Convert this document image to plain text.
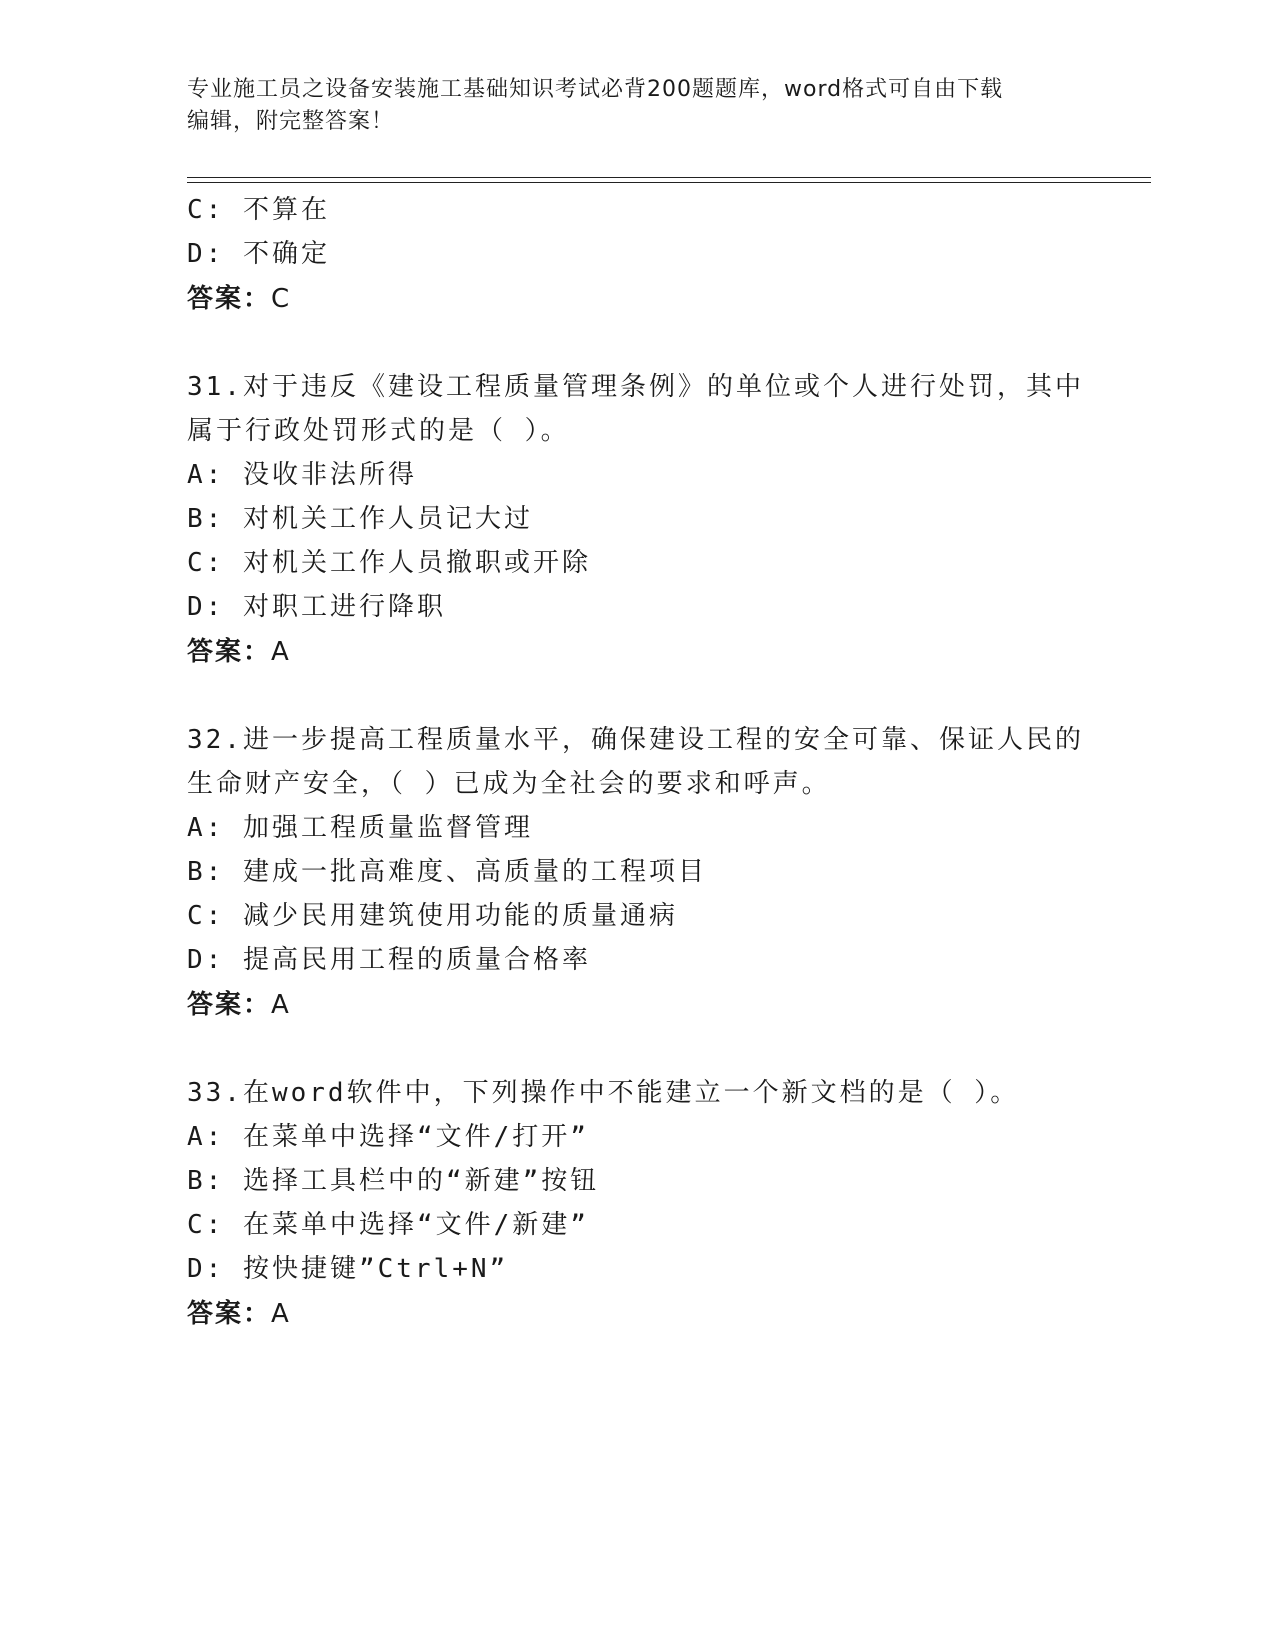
专业施工员之设备安装施工基础知识考试必背200题题库，word格式可自由下载
编辑，附完整答案！
C: 不算在
D: 不确定
答案：C
31.对于违反《建设工程质量管理条例》的单位或个人进行处罚，其中
属于行政处罚形式的是（ ）。
A: 没收非法所得
B: 对机关工作人员记大过
C: 对机关工作人员撤职或开除
D: 对职工进行降职
答案：A
32.进一步提高工程质量水平，确保建设工程的安全可靠、保证人民的
生命财产安全，（ ）已成为全社会的要求和呼声。
A: 加强工程质量监督管理
B: 建成一批高难度、高质量的工程项目
C: 减少民用建筑使用功能的质量通病
D: 提高民用工程的质量合格率
答案：A
33.在word软件中，下列操作中不能建立一个新文档的是（ ）。
A: 在菜单中选择“文件/打开”
B: 选择工具栏中的“新建”按钮
C: 在菜单中选择“文件/新建”
D: 按快捷键”Ctrl+N”
答案：A
